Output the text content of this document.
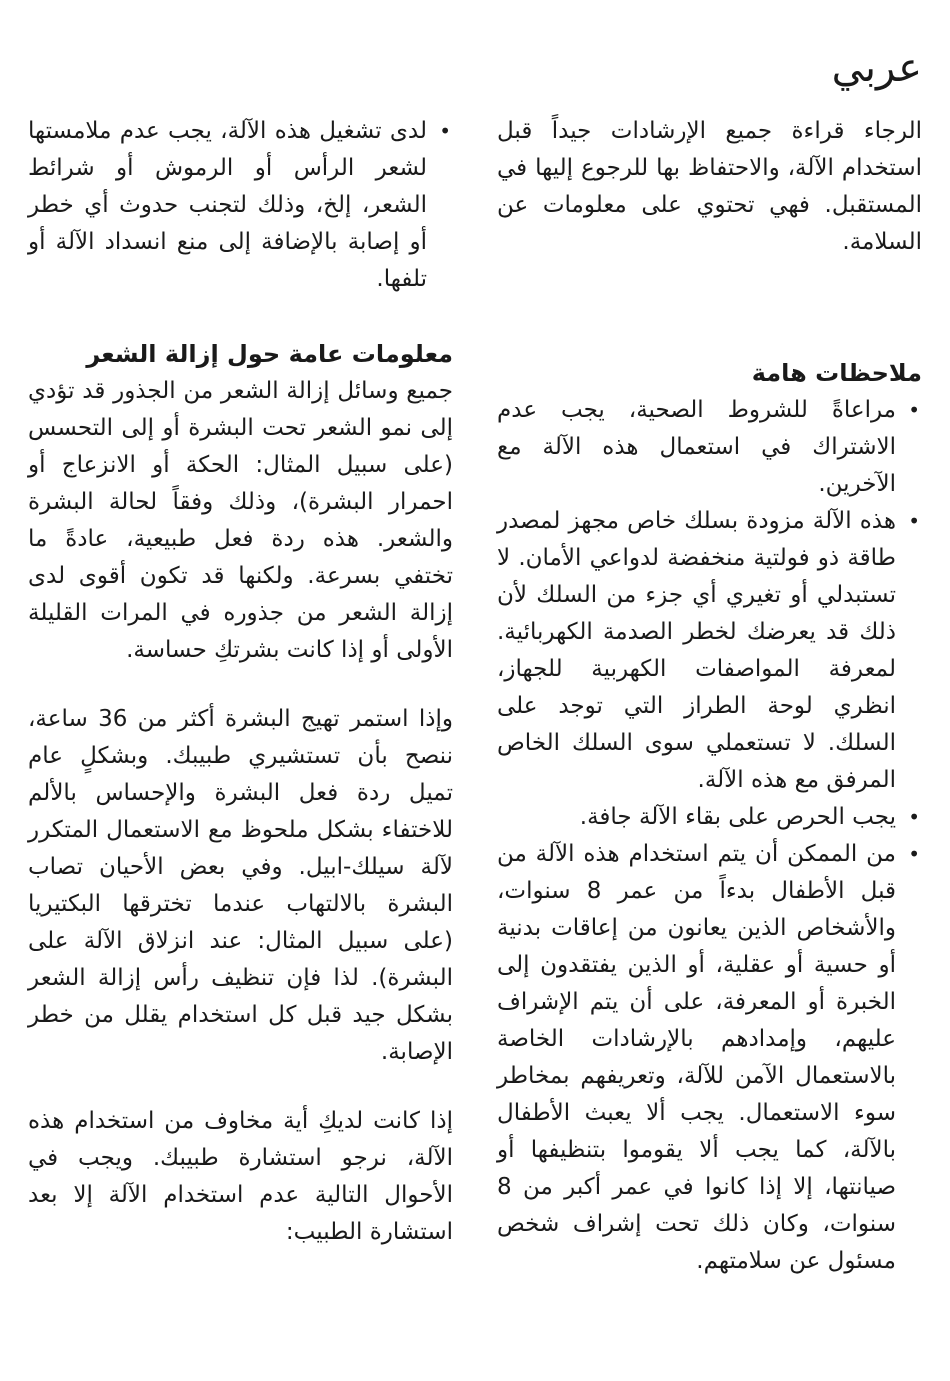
عربي

الرجاء قراءة جميع الإرشادات جيداً قبل استخدام الآلة، والاحتفاظ بها للرجوع إليها في المستقبل. فهي تحتوي على معلومات عن السلامة.

ملاحظات هامة
•
مراعاةً للشروط الصحية، يجب عدم الاشتراك في استعمال هذه الآلة مع الآخرين.
•
هذه الآلة مزودة بسلك خاص مجهز لمصدر طاقة ذو فولتية منخفضة لدواعي الأمان. لا تستبدلي أو تغيري أي جزء من السلك لأن ذلك قد يعرضك لخطر الصدمة الكهربائية. لمعرفة المواصفات الكهربية للجهاز، انظري لوحة الطراز التي توجد على السلك. لا تستعملي سوى السلك الخاص المرفق مع هذه الآلة.
•
يجب الحرص على بقاء الآلة جافة.
•
من الممكن أن يتم استخدام هذه الآلة من قبل الأطفال بدءاً من عمر 8 سنوات، والأشخاص الذين يعانون من إعاقات بدنية أو حسية أو عقلية، أو الذين يفتقدون إلى الخبرة أو المعرفة، على أن يتم الإشراف عليهم، وإمدادهم بالإرشادات الخاصة بالاستعمال الآمن للآلة، وتعريفهم بمخاطر سوء الاستعمال. يجب ألا يعبث الأطفال بالآلة، كما يجب ألا يقوموا بتنظيفها أو صيانتها، إلا إذا كانوا في عمر أكبر من 8 سنوات، وكان ذلك تحت إشراف شخص مسئول عن سلامتهم.
•
لدى تشغيل هذه الآلة، يجب عدم ملامستها لشعر الرأس أو الرموش أو شرائط الشعر، إلخ، وذلك لتجنب حدوث أي خطر أو إصابة بالإضافة إلى منع انسداد الآلة أو تلفها.
معلومات عامة حول إزالة الشعر

جميع وسائل إزالة الشعر من الجذور قد تؤدي إلى نمو الشعر تحت البشرة أو إلى التحسس (على سبيل المثال: الحكة أو الانزعاج أو احمرار البشرة)، وذلك وفقاً لحالة البشرة والشعر. هذه ردة فعل طبيعية، عادةً ما تختفي بسرعة. ولكنها قد تكون أقوى لدى إزالة الشعر من جذوره في المرات القليلة الأولى أو إذا كانت بشرتكِ حساسة.

وإذا استمر تهيج البشرة أكثر من 36 ساعة، ننصح بأن تستشيري طبيبك. وبشكلٍ عام تميل ردة فعل البشرة والإحساس بالألم للاختفاء بشكل ملحوظ مع الاستعمال المتكرر لآلة سيلك-ابيل. وفي بعض الأحيان تصاب البشرة بالالتهاب عندما تخترقها البكتيريا (على سبيل المثال: عند انزلاق الآلة على البشرة). لذا فإن تنظيف رأس إزالة الشعر بشكل جيد قبل كل استخدام يقلل من خطر الإصابة.

إذا كانت لديكِ أية مخاوف من استخدام هذه الآلة، نرجو استشارة طبيبك. ويجب في الأحوال التالية عدم استخدام الآلة إلا بعد استشارة الطبيب:
